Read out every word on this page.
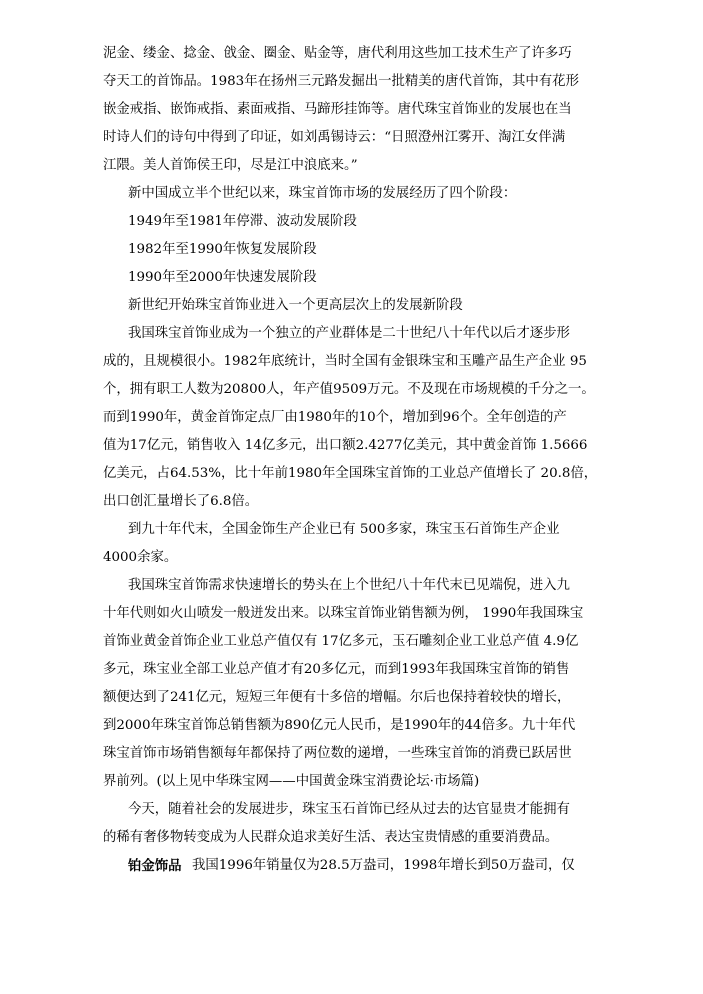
泥金、缕金、捻金、戗金、圈金、贴金等，唐代利用这些加工技术生产了许多巧
夺天工的首饰品。1983年在扬州三元路发掘出一批精美的唐代首饰，其中有花形
嵌金戒指、嵌饰戒指、素面戒指、马蹄形挂饰等。唐代珠宝首饰业的发展也在当
时诗人们的诗句中得到了印证，如刘禹锡诗云：“日照澄州江雾开、淘江女伴满
江隈。美人首饰侯王印，尽是江中浪底来。”
新中国成立半个世纪以来，珠宝首饰市场的发展经历了四个阶段：
1949年至1981年停滞、波动发展阶段
1982年至1990年恢复发展阶段
1990年至2000年快速发展阶段
新世纪开始珠宝首饰业进入一个更高层次上的发展新阶段
我国珠宝首饰业成为一个独立的产业群体是二十世纪八十年代以后才逐步形
成的，且规模很小。1982年底统计，当时全国有金银珠宝和玉雕产品生产企业 95
个，拥有职工人数为20800人，年产值9509万元。不及现在市场规模的千分之一。
而到1990年，黄金首饰定点厂由1980年的10个，增加到96个。全年创造的产
值为17亿元，销售收入 14亿多元，出口额2.4277亿美元，其中黄金首饰 1.5666
亿美元，占64.53%，比十年前1980年全国珠宝首饰的工业总产值增长了 20.8倍，
出口创汇量增长了6.8倍。
到九十年代末，全国金饰生产企业已有 500多家，珠宝玉石首饰生产企业
4000余家。
我国珠宝首饰需求快速增长的势头在上个世纪八十年代末已见端倪，进入九
十年代则如火山喷发一般迸发出来。以珠宝首饰业销售额为例， 1990年我国珠宝
首饰业黄金首饰企业工业总产值仅有 17亿多元，玉石雕刻企业工业总产值 4.9亿
多元，珠宝业全部工业总产值才有20多亿元，而到1993年我国珠宝首饰的销售
额便达到了241亿元，短短三年便有十多倍的增幅。尔后也保持着较快的增长，
到2000年珠宝首饰总销售额为890亿元人民币，是1990年的44倍多。九十年代
珠宝首饰市场销售额每年都保持了两位数的递增，一些珠宝首饰的消费已跃居世
界前列。(以上见中华珠宝网——中国黄金珠宝消费论坛·市场篇)
今天，随着社会的发展进步，珠宝玉石首饰已经从过去的达官显贵才能拥有
的稀有奢侈物转变成为人民群众追求美好生活、表达宝贵情感的重要消费品。
铂金饰品 我国1996年销量仅为28.5万盎司，1998年增长到50万盎司，仅
